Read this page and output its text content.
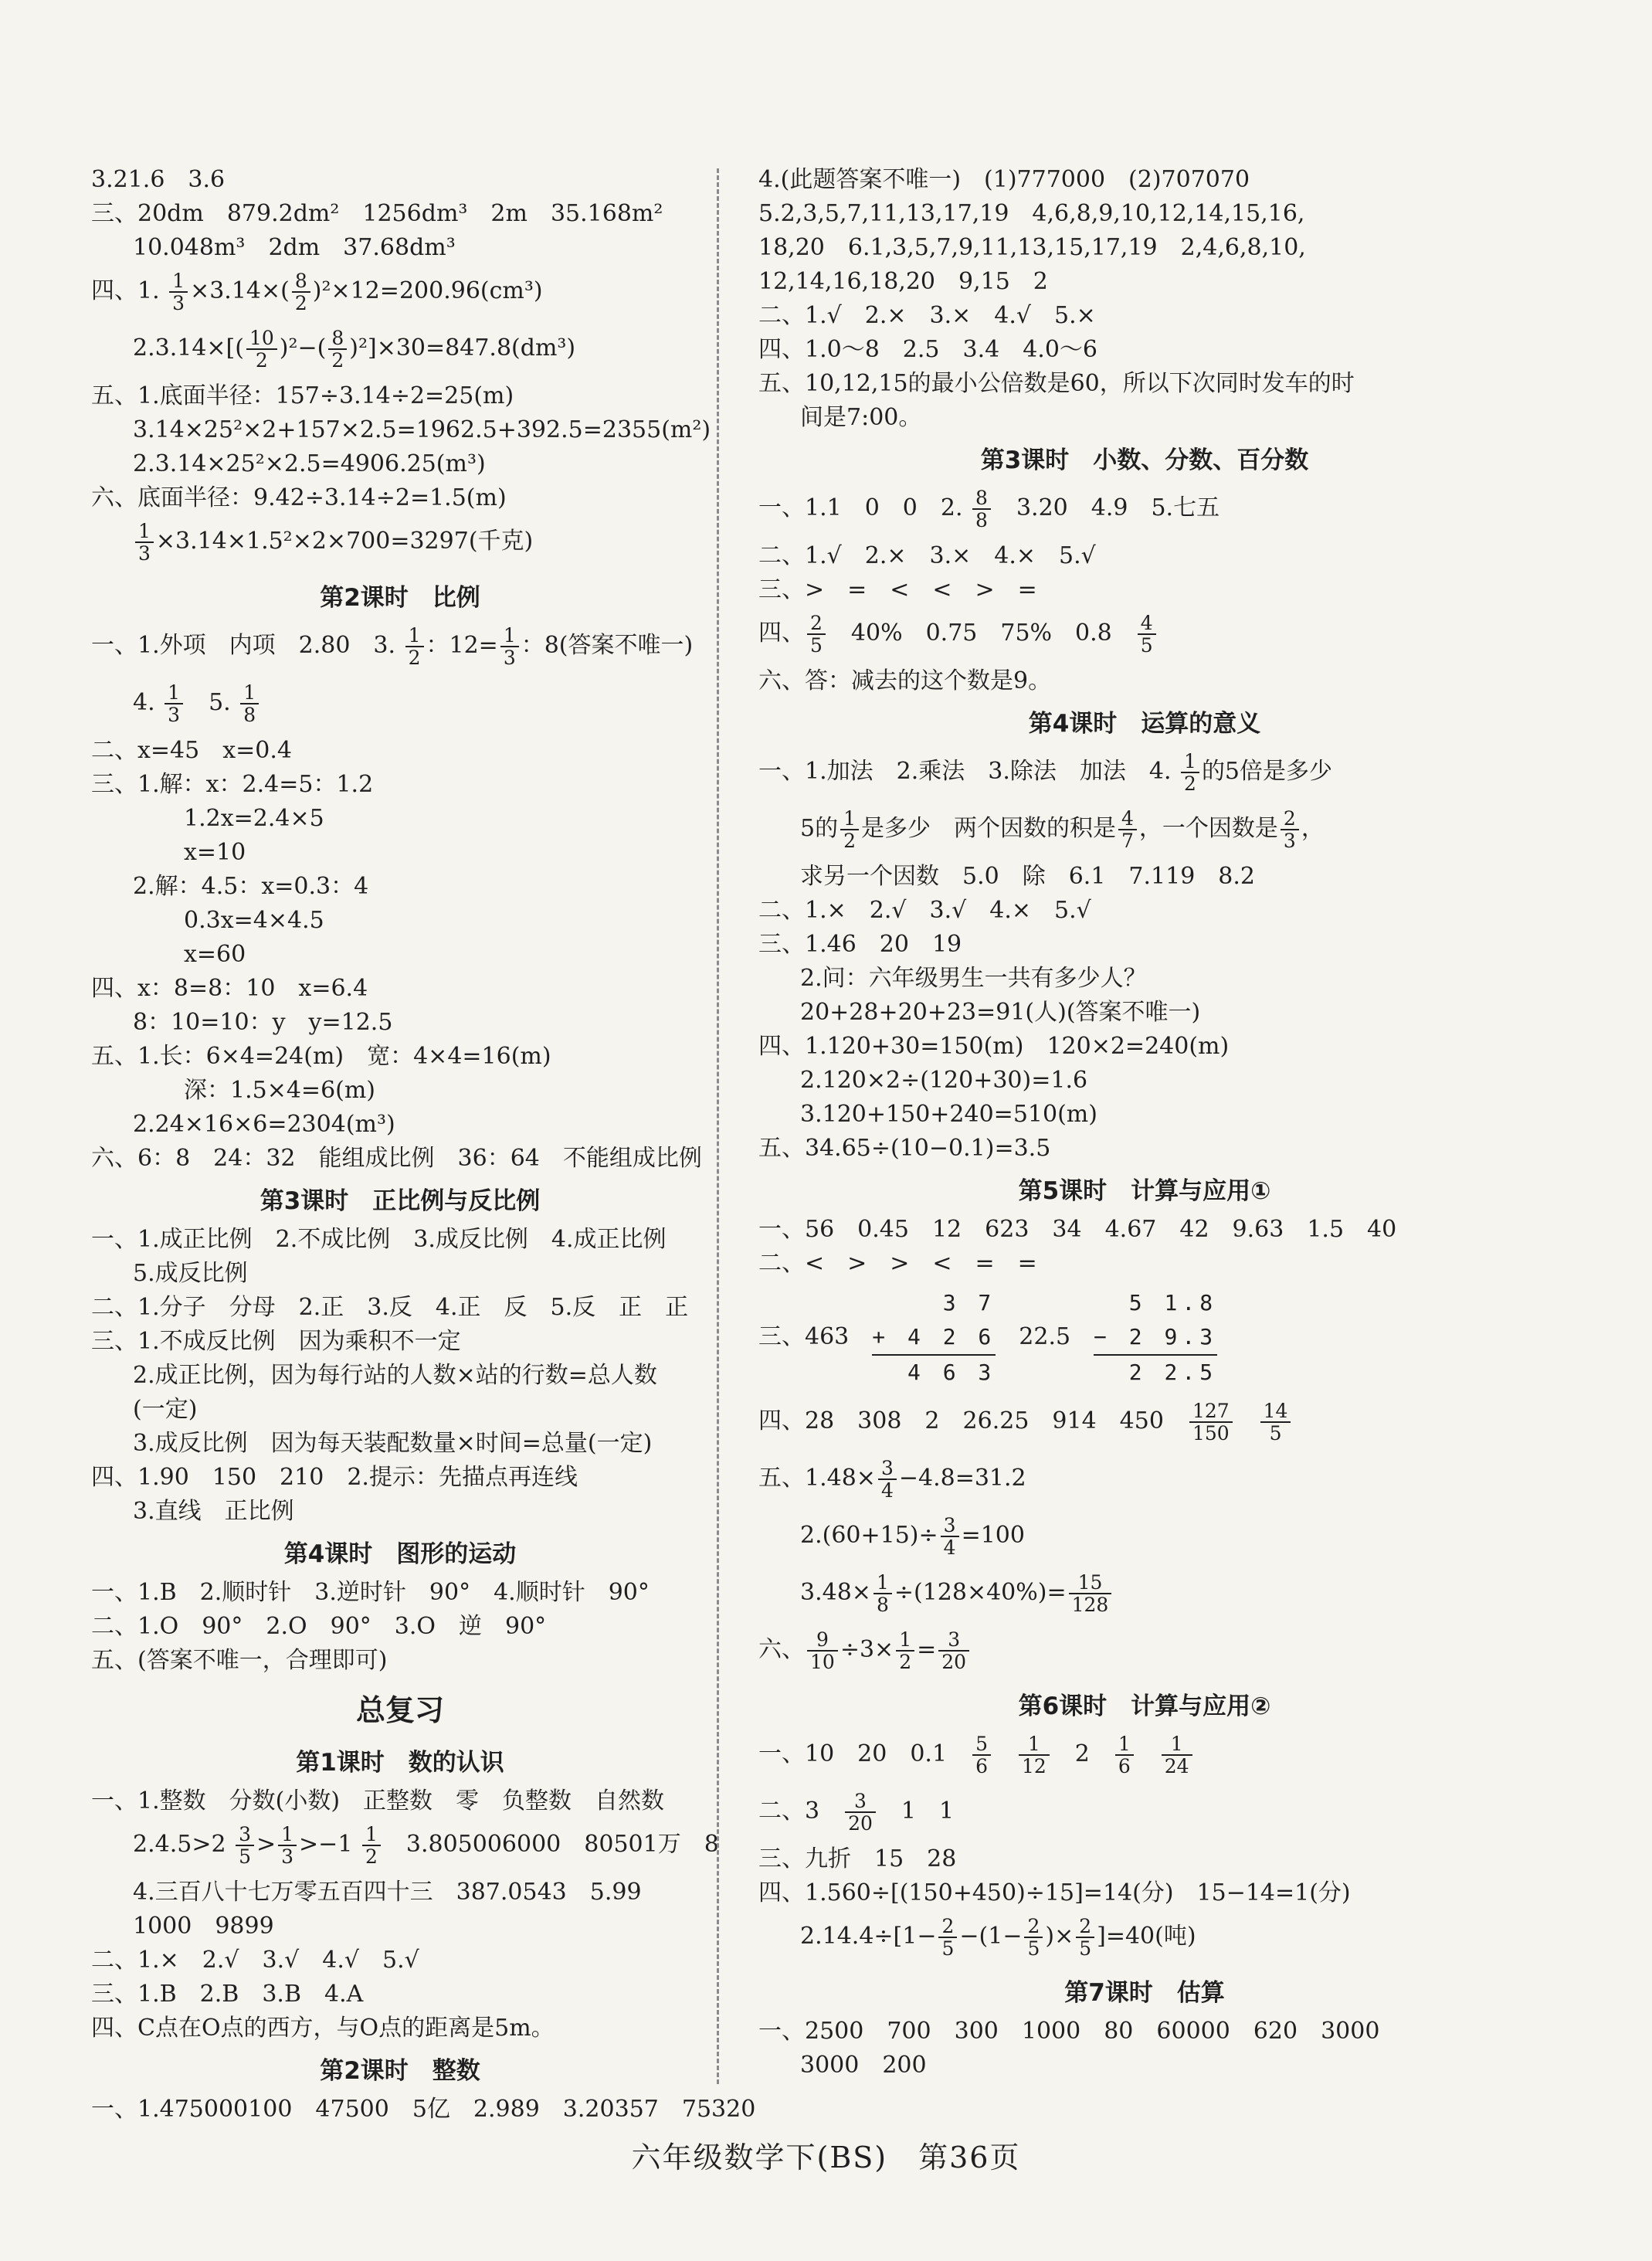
3.21.6　3.6
三、20dm　879.2dm²　1256dm³　2m　35.168m²
10.048m³　2dm　37.68dm³
四、1. $\frac{1}{3} \times 3.14\times( \frac{8}{2} )^2\times 12=200.96(cm^3)$
$2.3.14\times[( \frac{10}{2} )^2-( \frac{8}{2} )^2]\times 30=847.8(dm^3)$
五、1.底面半径：157÷3.14÷2=25(m)
3.14×25²×2+157×2.5=1962.5+392.5=2355(m²)
2.3.14×25²×2.5=4906.25(m³)
六、底面半径：9.42÷3.14÷2=1.5(m)
$\frac{1}{3} \times 3.14\times 1.5^2\times 2\times 700=3297$(千克)
第2课时　比例
一、1.外项　内项　2.80　3. $\frac{1}{2}$ ：$12= \frac{1}{3}$ ：8(答案不唯一)
4. $\frac{1}{3}$ 　5. $\frac{1}{8}$
二、x=45　x=0.4
三、1.解：x：2.4=5：1.2
1.2x=2.4×5
x=10
2.解：4.5：x=0.3：4
0.3x=4×4.5
x=60
四、x：8=8：10　x=6.4
8：10=10：y　y=12.5
五、1.长：6×4=24(m)　宽：4×4=16(m)
深：1.5×4=6(m)
2.24×16×6=2304(m³)
六、6：8　24：32　能组成比例　36：64　不能组成比例
第3课时　正比例与反比例
一、1.成正比例　2.不成比例　3.成反比例　4.成正比例
5.成反比例
二、1.分子　分母　2.正　3.反　4.正　反　5.反　正　正
三、1.不成反比例　因为乘积不一定
2.成正比例，因为每行站的人数×站的行数=总人数
(一定)
3.成反比例　因为每天装配数量×时间=总量(一定)
四、1.90　150　210　2.提示：先描点再连线
3.直线　正比例
第4课时　图形的运动
一、1.B　2.顺时针　3.逆时针　90°　4.顺时针　90°
二、1.O　90°　2.O　90°　3.O　逆　90°
五、(答案不唯一，合理即可)
总复习
第1课时　数的认识
一、1.整数　分数(小数)　正整数　零　负整数　自然数
$2.4.5>2 \frac{3}{5} > \frac{1}{3} >-1 \frac{1}{2}$ 　3.805006000　80501万　8
4.三百八十七万零五百四十三　387.0543　5.99
1000　9899
二、1.×　2.√　3.√　4.√　5.√
三、1.B　2.B　3.B　4.A
四、C点在O点的西方，与O点的距离是5m。
第2课时　整数
一、1.475000100　47500　5亿　2.989　3.20357　75320
4.(此题答案不唯一)　(1)777000　(2)707070
5.2,3,5,7,11,13,17,19　4,6,8,9,10,12,14,15,16,
18,20　6.1,3,5,7,9,11,13,15,17,19　2,4,6,8,10,
12,14,16,18,20　9,15　2
二、1.√　2.×　3.×　4.√　5.×
四、1.0～8　2.5　3.4　4.0～6
五、10,12,15的最小公倍数是60，所以下次同时发车的时
间是7:00。
第3课时　小数、分数、百分数
一、1.1　0　0　2. $\frac{8}{8}$ 　3.20　4.9　5.七五
二、1.√　2.×　3.×　4.×　5.√
三、>　=　<　<　>　=
四、 $\frac{2}{5}$ 　40%　0.75　75%　0.8　 $\frac{4}{5}$
六、答：减去的这个数是9。
第4课时　运算的意义
一、1.加法　2.乘法　3.除法　加法　4. $\frac{1}{2}$ 的5倍是多少
5的 $\frac{1}{2}$ 是多少　两个因数的积是 $\frac{4}{7}$ ，一个因数是 $\frac{2}{3}$ ，
求另一个因数　5.0　除　6.1　7.119　8.2
二、1.×　2.√　3.√　4.×　5.√
三、1.46　20　19
2.问：六年级男生一共有多少人？
20+28+20+23=91(人)(答案不唯一)
四、1.120+30=150(m)　120×2=240(m)
2.120×2÷(120+30)=1.6
3.120+150+240=510(m)
五、34.65÷(10−0.1)=3.5
第5课时　计算与应用①
一、56　0.45　12　623　34　4.67　42　9.63　1.5　40
二、<　>　>　<　=　=
三、463
3 7
+ 4 2 6
4 6 3
22.5
5 1.8
− 2 9.3
2 2.5
四、28　308　2　26.25　914　450　 $\frac{127}{150}$
　 $\frac{14}{5}$
五、$1.48\times \frac{3}{4} -4.8=31.2$
$2.(60+15)\div \frac{3}{4} =100$
$3.48\times \frac{1}{8} \div(128\times 40\%)= \frac{15}{128}$
六、 $\frac{9}{10} \div 3\times \frac{1}{2} = \frac{3}{20}$
第6课时　计算与应用②
一、10　20　0.1　 $\frac{5}{6}$
　 $\frac{1}{12}$ 　2　 $\frac{1}{6}$
　 $\frac{1}{24}$
二、3　 $\frac{3}{20}$ 　1　1
三、九折　15　28
四、1.560÷[(150+450)÷15]=14(分)　15−14=1(分)
$2.14.4\div[1- \frac{2}{5} -(1- \frac{2}{5}$ )× $\frac{2}{5} ]=40$(吨)
第7课时　估算
一、2500　700　300　1000　80　60000　620　3000
3000　200
六年级数学下(BS)　第36页
